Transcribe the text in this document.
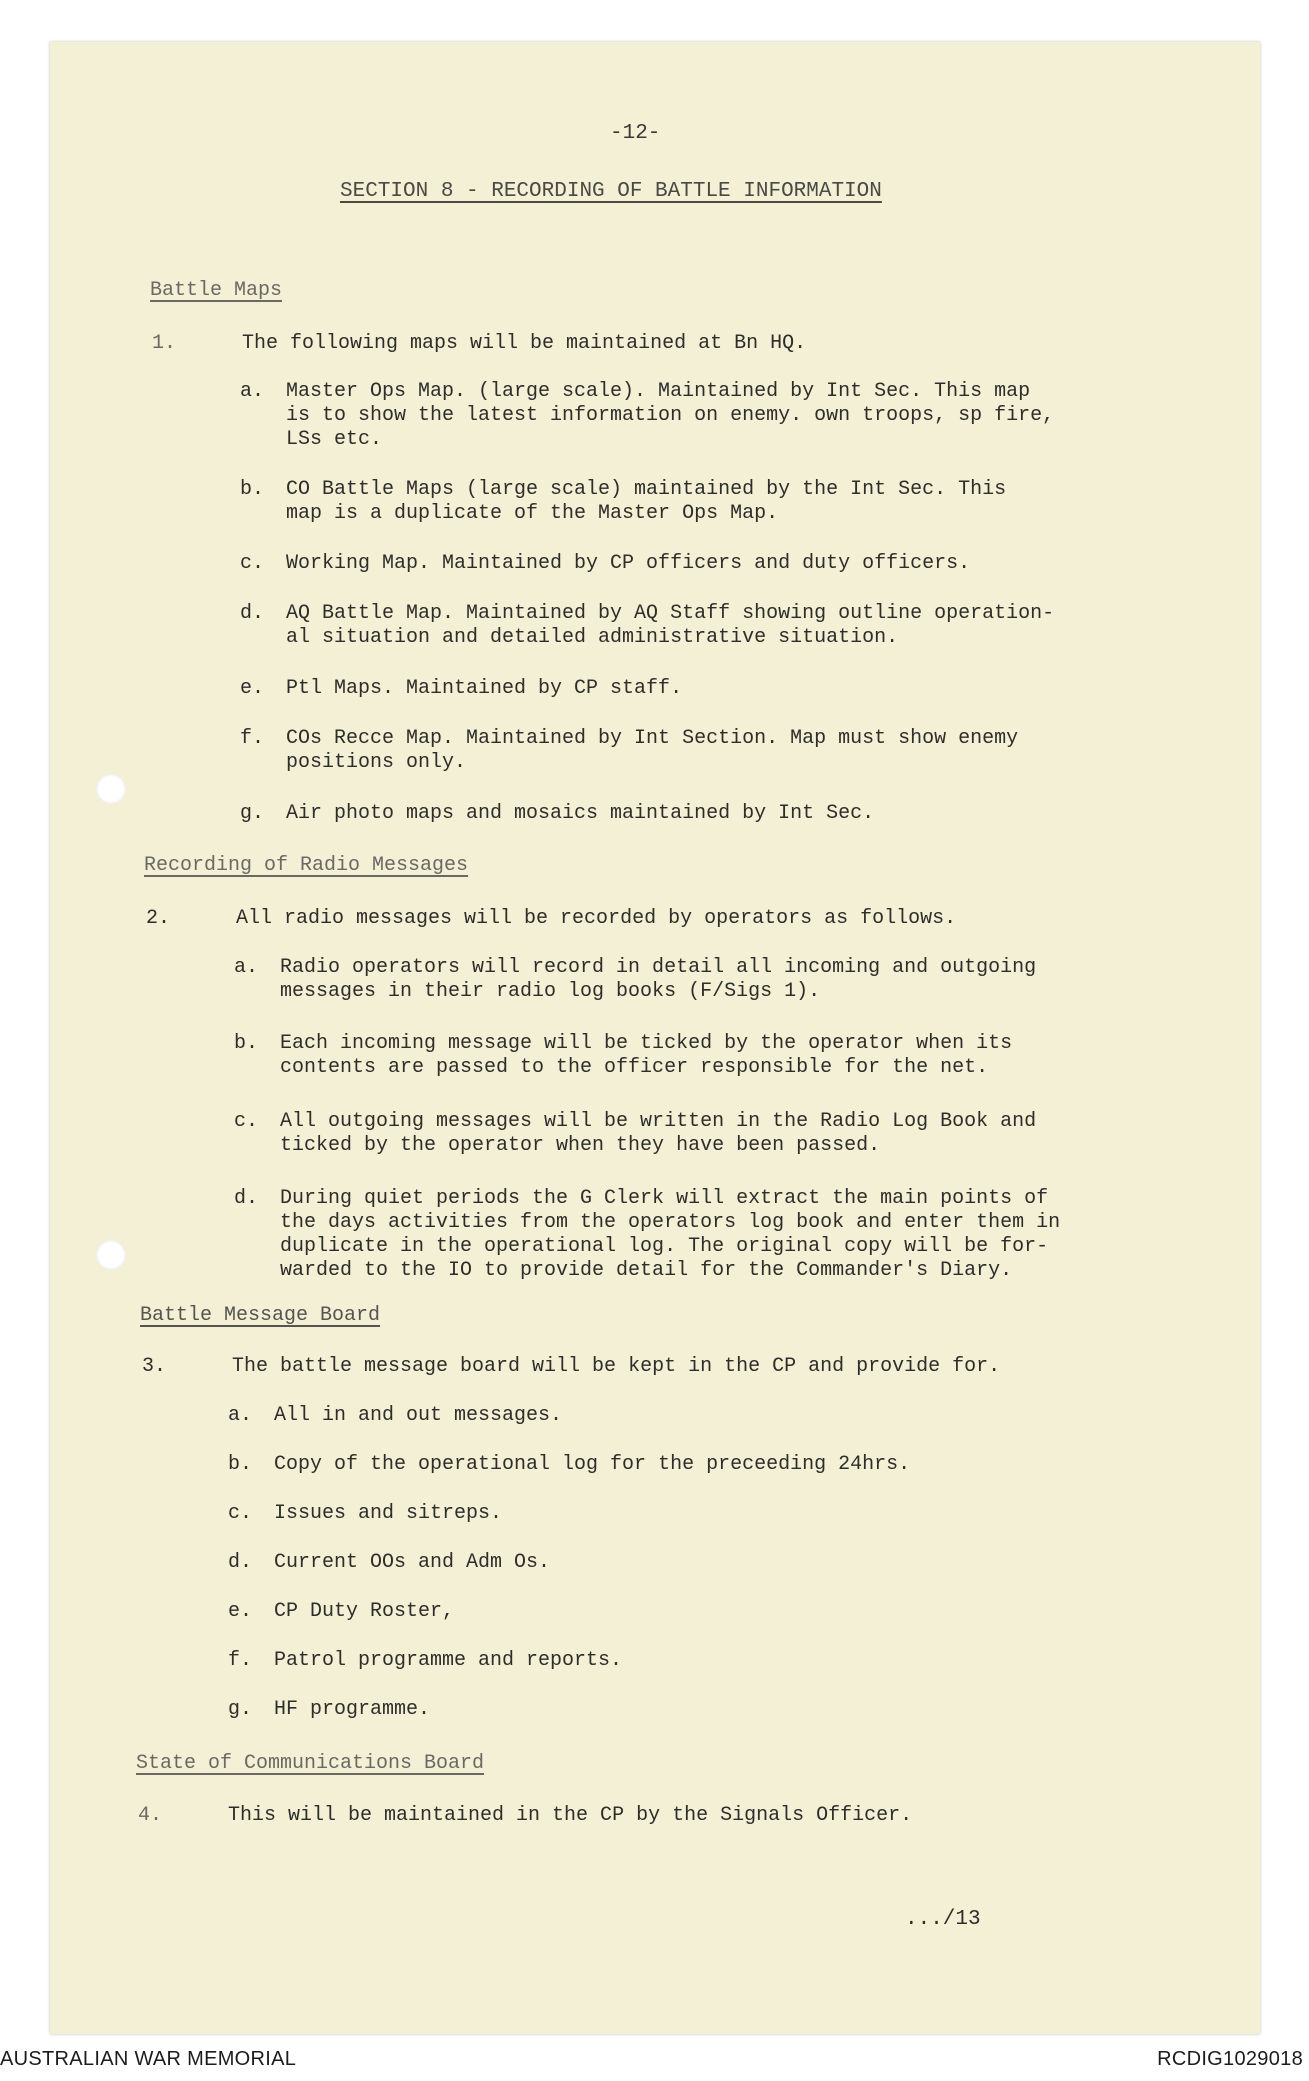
-12-
SECTION 8 - RECORDING OF BATTLE INFORMATION
Battle Maps
1.	The following maps will be maintained at Bn HQ.
a. Master Ops Map. (large scale). Maintained by Int Sec. This map
is to show the latest information on enemy. own troops, sp fire,
LSs etc.
b. CO Battle Maps (large scale) maintained by the Int Sec. This
map is a duplicate of the Master Ops Map.
c. Working Map. Maintained by CP officers and duty officers.
d. AQ Battle Map. Maintained by AQ Staff showing outline operation-
al situation and detailed administrative situation.
e. Ptl Maps. Maintained by CP staff.
f. COs Recce Map. Maintained by Int Section. Map must show enemy
positions only.
g. Air photo maps and mosaics maintained by Int Sec.
Recording of Radio Messages
2.	All radio messages will be recorded by operators as follows.
a. Radio operators will record in detail all incoming and outgoing
messages in their radio log books (F/Sigs 1).
b. Each incoming message will be ticked by the operator when its
contents are passed to the officer responsible for the net.
c. All outgoing messages will be written in the Radio Log Book and
ticked by the operator when they have been passed.
d. During quiet periods the G Clerk will extract the main points of
the days activities from the operators log book and enter them in
duplicate in the operational log. The original copy will be for-
warded to the IO to provide detail for the Commander's Diary.
Battle Message Board
3.	The battle message board will be kept in the CP and provide for.
a. All in and out messages.
b. Copy of the operational log for the preceeding 24hrs.
c. Issues and sitreps.
d. Current OOs and Adm Os.
e. CP Duty Roster,
f. Patrol programme and reports.
g. HF programme.
State of Communications Board
4.	This will be maintained in the CP by the Signals Officer.
.../13
AUSTRALIAN WAR MEMORIAL	RCDIG1029018
